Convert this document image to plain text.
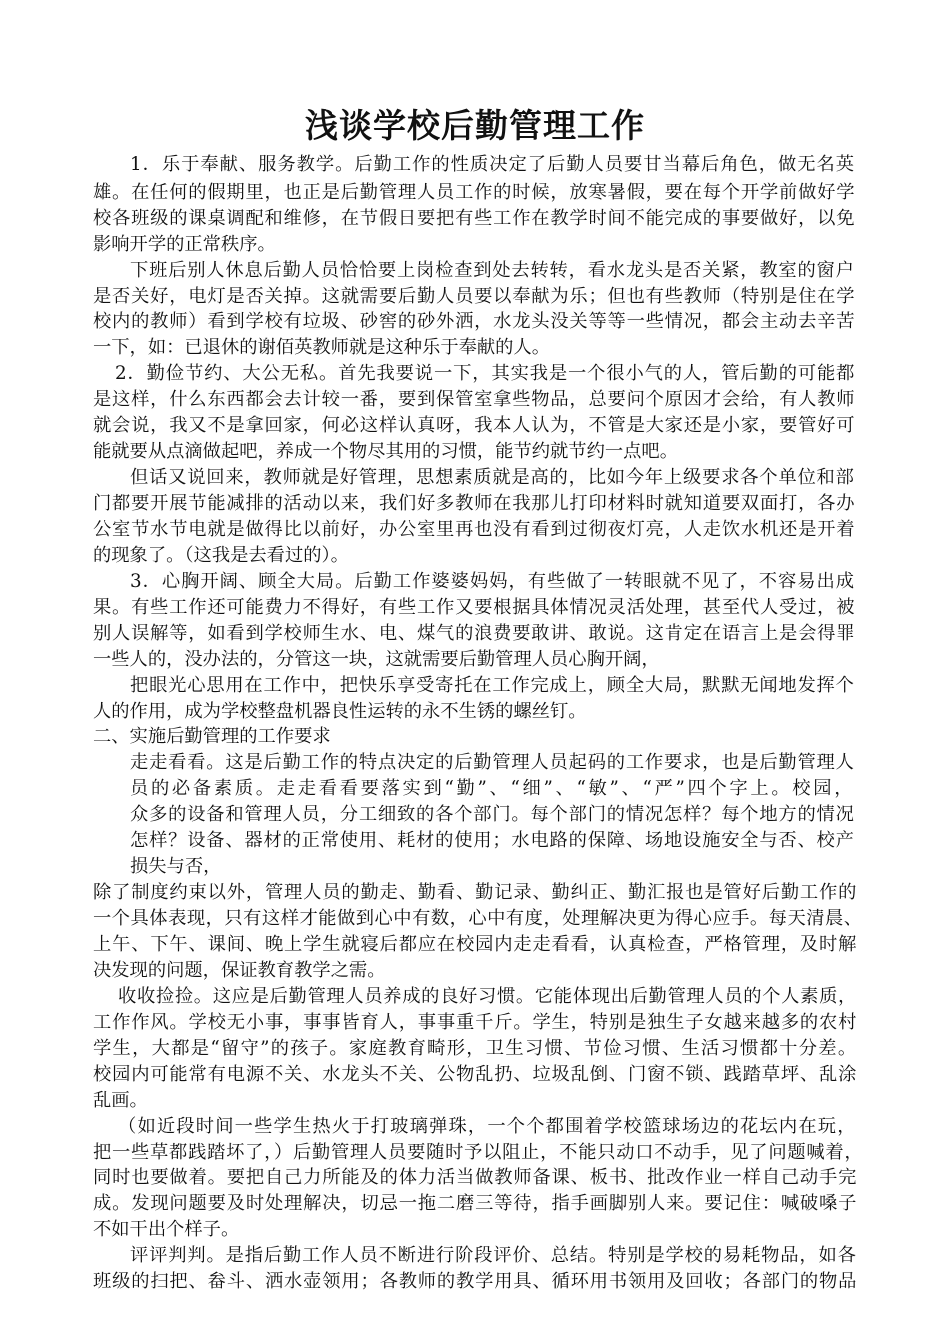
浅谈学校后勤管理工作
1．乐于奉献、服务教学。后勤工作的性质决定了后勤人员要甘当幕后角色，做无名英
雄。在任何的假期里，也正是后勤管理人员工作的时候，放寒暑假，要在每个开学前做好学
校各班级的课桌调配和维修，在节假日要把有些工作在教学时间不能完成的事要做好，以免
影响开学的正常秩序。
下班后别人休息后勤人员恰恰要上岗检查到处去转转，看水龙头是否关紧，教室的窗户
是否关好，电灯是否关掉。这就需要后勤人员要以奉献为乐；但也有些教师（特别是住在学
校内的教师）看到学校有垃圾、砂窖的砂外洒，水龙头没关等等一些情况，都会主动去辛苦
一下，如：已退休的谢佰英教师就是这种乐于奉献的人。
2．勤俭节约、大公无私。首先我要说一下，其实我是一个很小气的人，管后勤的可能都
是这样，什么东西都会去计较一番，要到保管室拿些物品，总要问个原因才会给，有人教师
就会说，我又不是拿回家，何必这样认真呀，我本人认为，不管是大家还是小家，要管好可
能就要从点滴做起吧，养成一个物尽其用的习惯，能节约就节约一点吧。
但话又说回来，教师就是好管理，思想素质就是高的，比如今年上级要求各个单位和部
门都要开展节能减排的活动以来，我们好多教师在我那儿打印材料时就知道要双面打，各办
公室节水节电就是做得比以前好，办公室里再也没有看到过彻夜灯亮，人走饮水机还是开着
的现象了。（这我是去看过的）。
3．心胸开阔、顾全大局。后勤工作婆婆妈妈，有些做了一转眼就不见了，不容易出成
果。有些工作还可能费力不得好，有些工作又要根据具体情况灵活处理，甚至代人受过，被
别人误解等，如看到学校师生水、电、煤气的浪费要敢讲、敢说。这肯定在语言上是会得罪
一些人的，没办法的，分管这一块，这就需要后勤管理人员心胸开阔，
把眼光心思用在工作中，把快乐享受寄托在工作完成上，顾全大局，默默无闻地发挥个
人的作用，成为学校整盘机器良性运转的永不生锈的螺丝钉。
二、实施后勤管理的工作要求
走走看看。这是后勤工作的特点决定的后勤管理人员起码的工作要求，也是后勤管理人
员的必备素质。走走看看要落实到“勤”、“细”、“敏”、“严”四个字上。校园，
众多的设备和管理人员，分工细致的各个部门。每个部门的情况怎样？每个地方的情况
怎样？设备、器材的正常使用、耗材的使用；水电路的保障、场地设施安全与否、校产
损失与否，
除了制度约束以外，管理人员的勤走、勤看、勤记录、勤纠正、勤汇报也是管好后勤工作的
一个具体表现，只有这样才能做到心中有数，心中有度，处理解决更为得心应手。每天清晨、
上午、下午、课间、晚上学生就寝后都应在校园内走走看看，认真检查，严格管理，及时解
决发现的问题，保证教育教学之需。
收收捡捡。这应是后勤管理人员养成的良好习惯。它能体现出后勤管理人员的个人素质，
工作作风。学校无小事，事事皆育人，事事重千斤。学生，特别是独生子女越来越多的农村
学生，大都是“留守”的孩子。家庭教育畸形，卫生习惯、节俭习惯、生活习惯都十分差。
校园内可能常有电源不关、水龙头不关、公物乱扔、垃圾乱倒、门窗不锁、践踏草坪、乱涂
乱画。
（如近段时间一些学生热火于打玻璃弹珠，一个个都围着学校篮球场边的花坛内在玩，
把一些草都践踏坏了，）后勤管理人员要随时予以阻止，不能只动口不动手，见了问题喊着，
同时也要做着。要把自己力所能及的体力活当做教师备课、板书、批改作业一样自己动手完
成。发现问题要及时处理解决，切忌一拖二磨三等待，指手画脚别人来。要记住：喊破嗓子
不如干出个样子。
评评判判。是指后勤工作人员不断进行阶段评价、总结。特别是学校的易耗物品，如各
班级的扫把、畚斗、洒水壶领用；各教师的教学用具、循环用书领用及回收；各部门的物品
